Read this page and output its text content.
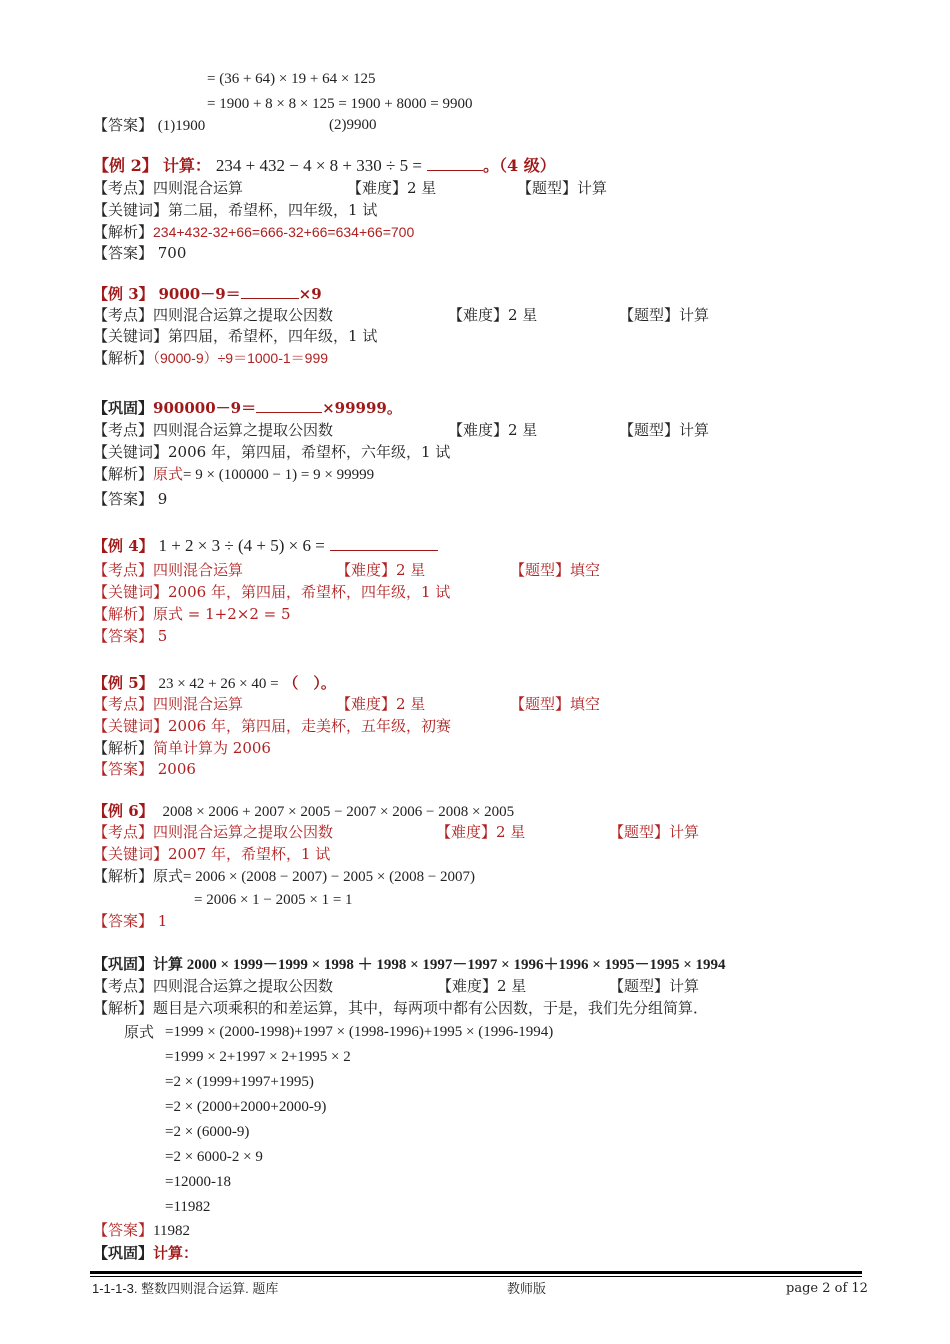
= (36 + 64) × 19 + 64 × 125
= 1900 + 8 × 8 × 125 = 1900 + 8000 = 9900
【答案】 (1)1900	(2)9900
【例 2】 计算： 234 + 432 − 4 × 8 + 330 ÷ 5 =	。（4 级）
【考点】四则混合运算	【难度】2 星	【题型】计算
【关键词】第二届，希望杯，四年级，1 试
【解析】234+432-32+66=666-32+66=634+66=700
【答案】 700
【例 3】 9000－9＝	×9
【考点】四则混合运算之提取公因数	【难度】2 星	【题型】计算
【关键词】第四届，希望杯，四年级，1 试
【解析】（9000-9）÷9＝1000-1＝999
【巩固】900000－9＝	×99999。
【考点】四则混合运算之提取公因数	【难度】2 星	【题型】计算
【关键词】2006 年，第四届，希望杯，六年级，1 试
【解析】原式= 9 × (100000 − 1) = 9 × 99999
【答案】 9
【例 4】 1 + 2 × 3 ÷ (4 + 5) × 6 =
【考点】四则混合运算	【难度】2 星	【题型】填空
【关键词】2006 年，第四届，希望杯，四年级，1 试
【解析】原式 = 1+2×2 = 5
【答案】 5
【例 5】 23 × 42 + 26 × 40 = （　）。
【考点】四则混合运算	【难度】2 星	【题型】填空
【关键词】2006 年，第四届，走美杯，五年级，初赛
【解析】简单计算为 2006
【答案】 2006
【例 6】 2008 × 2006 + 2007 × 2005 − 2007 × 2006 − 2008 × 2005
【考点】四则混合运算之提取公因数	【难度】2 星	【题型】计算
【关键词】2007 年，希望杯，1 试
【解析】原式= 2006 × (2008 − 2007) − 2005 × (2008 − 2007)
= 2006 × 1 − 2005 × 1 = 1
【答案】 1
【巩固】计算 2000 × 1999－1999 × 1998 ＋ 1998 × 1997－1997 × 1996＋1996 × 1995－1995 × 1994
【考点】四则混合运算之提取公因数	【难度】2 星	【题型】计算
【解析】题目是六项乘积的和差运算，其中，每两项中都有公因数，于是，我们先分组简算．
原式 =1999 × (2000-1998)+1997 × (1998-1996)+1995 × (1996-1994)
=1999 × 2+1997 × 2+1995 × 2
=2 × (1999+1997+1995)
=2 × (2000+2000+2000-9)
=2 × (6000-9)
=2 × 6000-2 × 9
=12000-18
=11982
【答案】11982
【巩固】计算：
1-1-1-3. 整数四则混合运算. 题库	教师版	page 2 of 12
